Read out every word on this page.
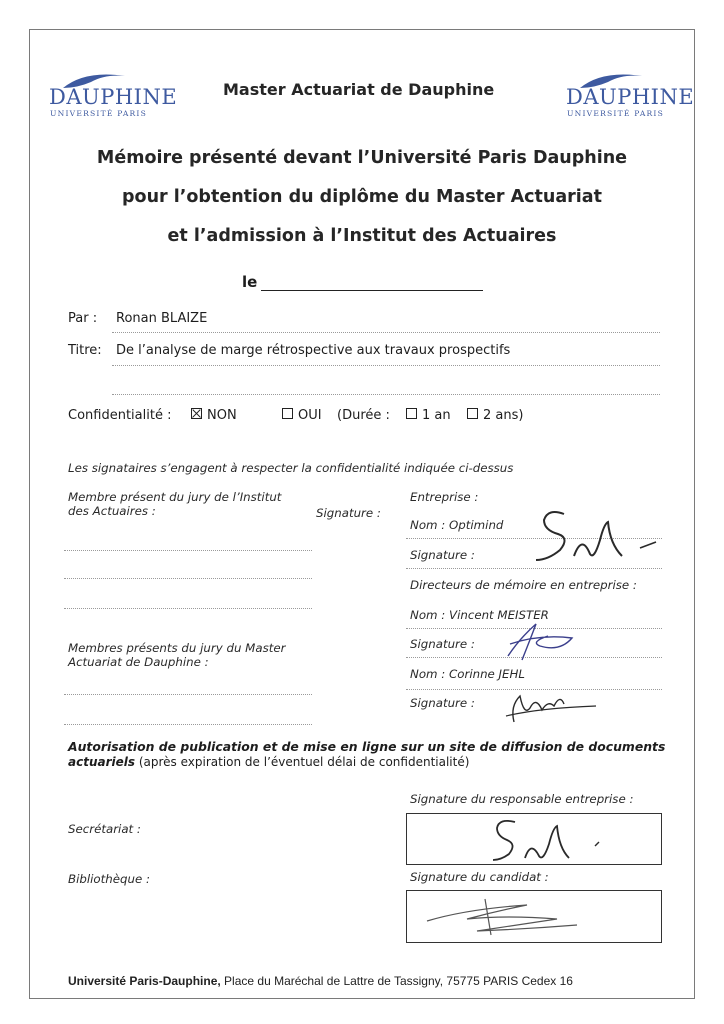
DAUPHINE
UNIVERSITÉ PARIS
Master Actuariat de Dauphine	DAUPHINE
UNIVERSITÉ PARIS
Mémoire présenté devant l’Université Paris Dauphine
pour l’obtention du diplôme du Master Actuariat
et l’admission à l’Institut des Actuaires
le
Par : Ronan BLAIZE
Titre: De l’analyse de marge rétrospective aux travaux prospectifs
Confidentialité :	NON	OUI (Durée :	1 an	2 ans)
Les signataires s’engagent à respecter la confidentialité indiquée ci-dessus
Membre présent du jury de l’Institut
des Actuaires :	Signature :
Entreprise :
Nom : Optimind
Signature :
Directeurs de mémoire en entreprise :
Nom : Vincent MEISTER
Signature :
Nom : Corinne JEHL
Signature :
Membres présents du jury du Master
Actuariat de Dauphine :
Autorisation de publication et de mise en ligne sur un site de diffusion de documents
actuariels (après expiration de l’éventuel délai de confidentialité)
Signature du responsable entreprise :
Secrétariat :
Bibliothèque :	Signature du candidat :
Université Paris-Dauphine, Place du Maréchal de Lattre de Tassigny, 75775 PARIS Cedex 16
